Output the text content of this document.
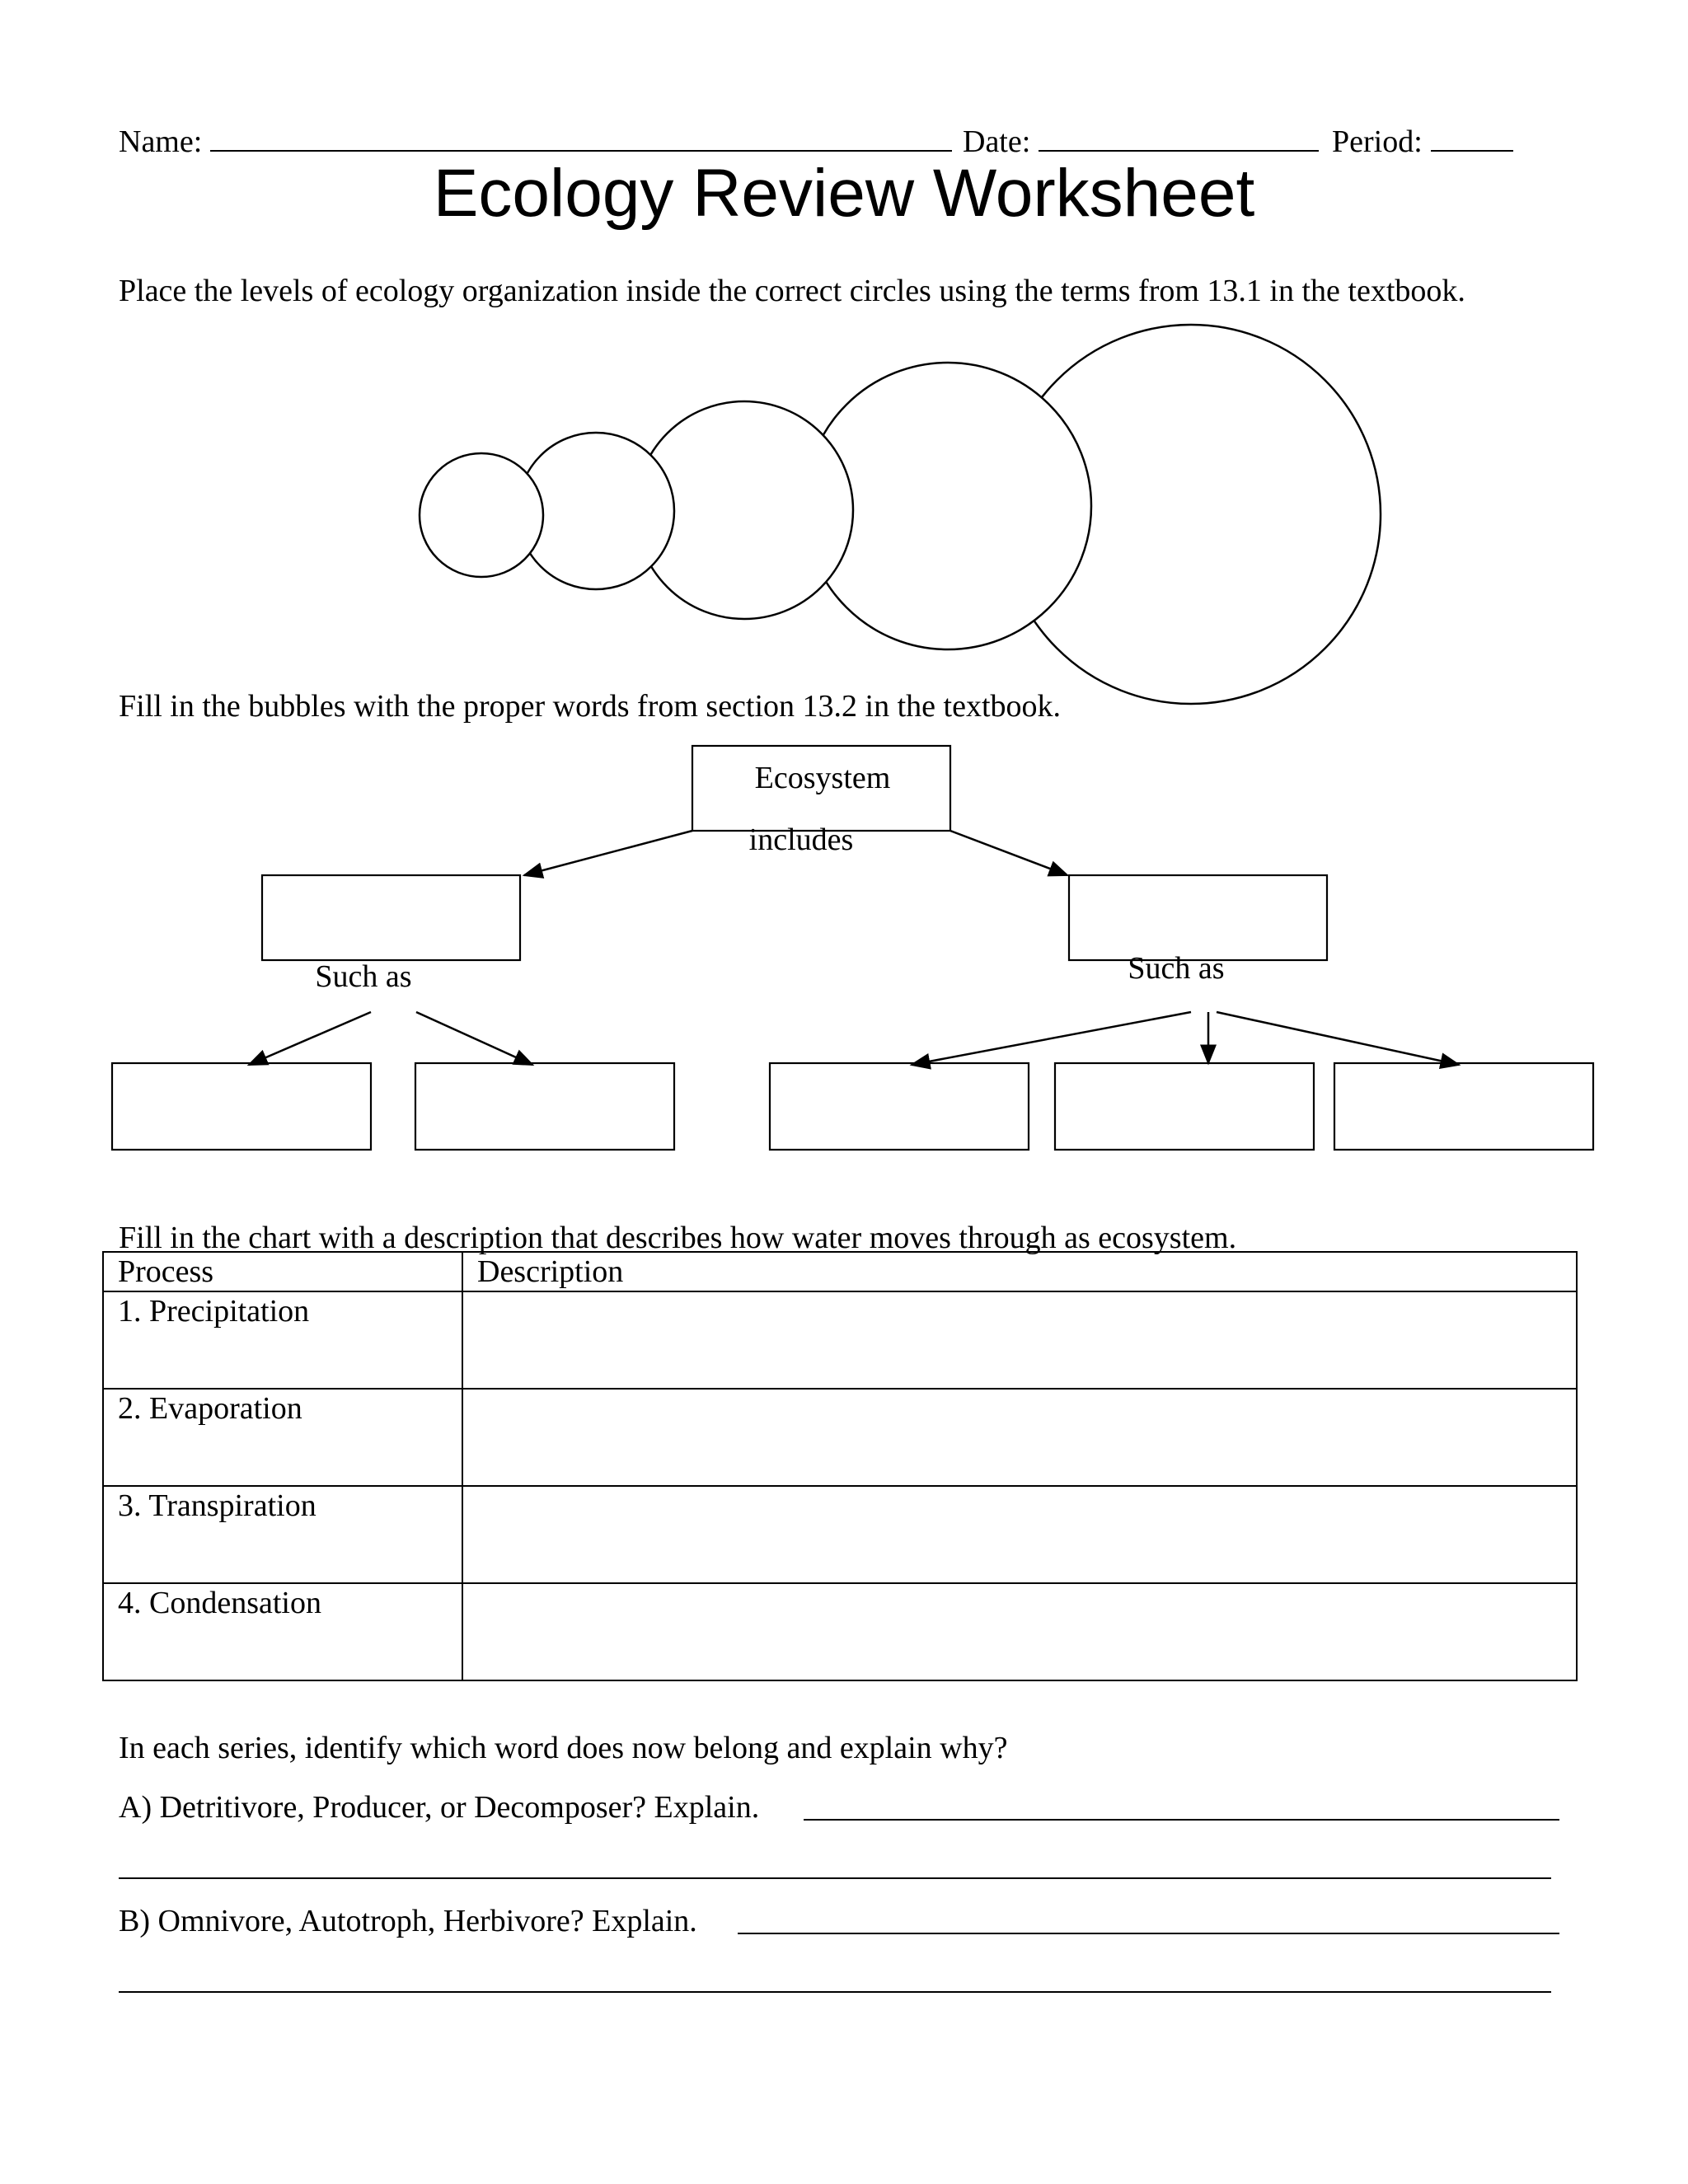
Name:	Date:	Period:
Ecology Review Worksheet
Place the levels of ecology organization inside the correct circles using the terms from 13.1 in the textbook.
Ecosystem
includes
Such as	Such as
Fill in the bubbles with the proper words from section 13.2 in the textbook.
Fill in the chart with a description that describes how water moves through as ecosystem.
Process	Description
1. Precipitation	
2. Evaporation	
3. Transpiration	
4. Condensation	
In each series, identify which word does now belong and explain why?
A) Detritivore, Producer, or Decomposer? Explain.
B) Omnivore, Autotroph, Herbivore? Explain.
